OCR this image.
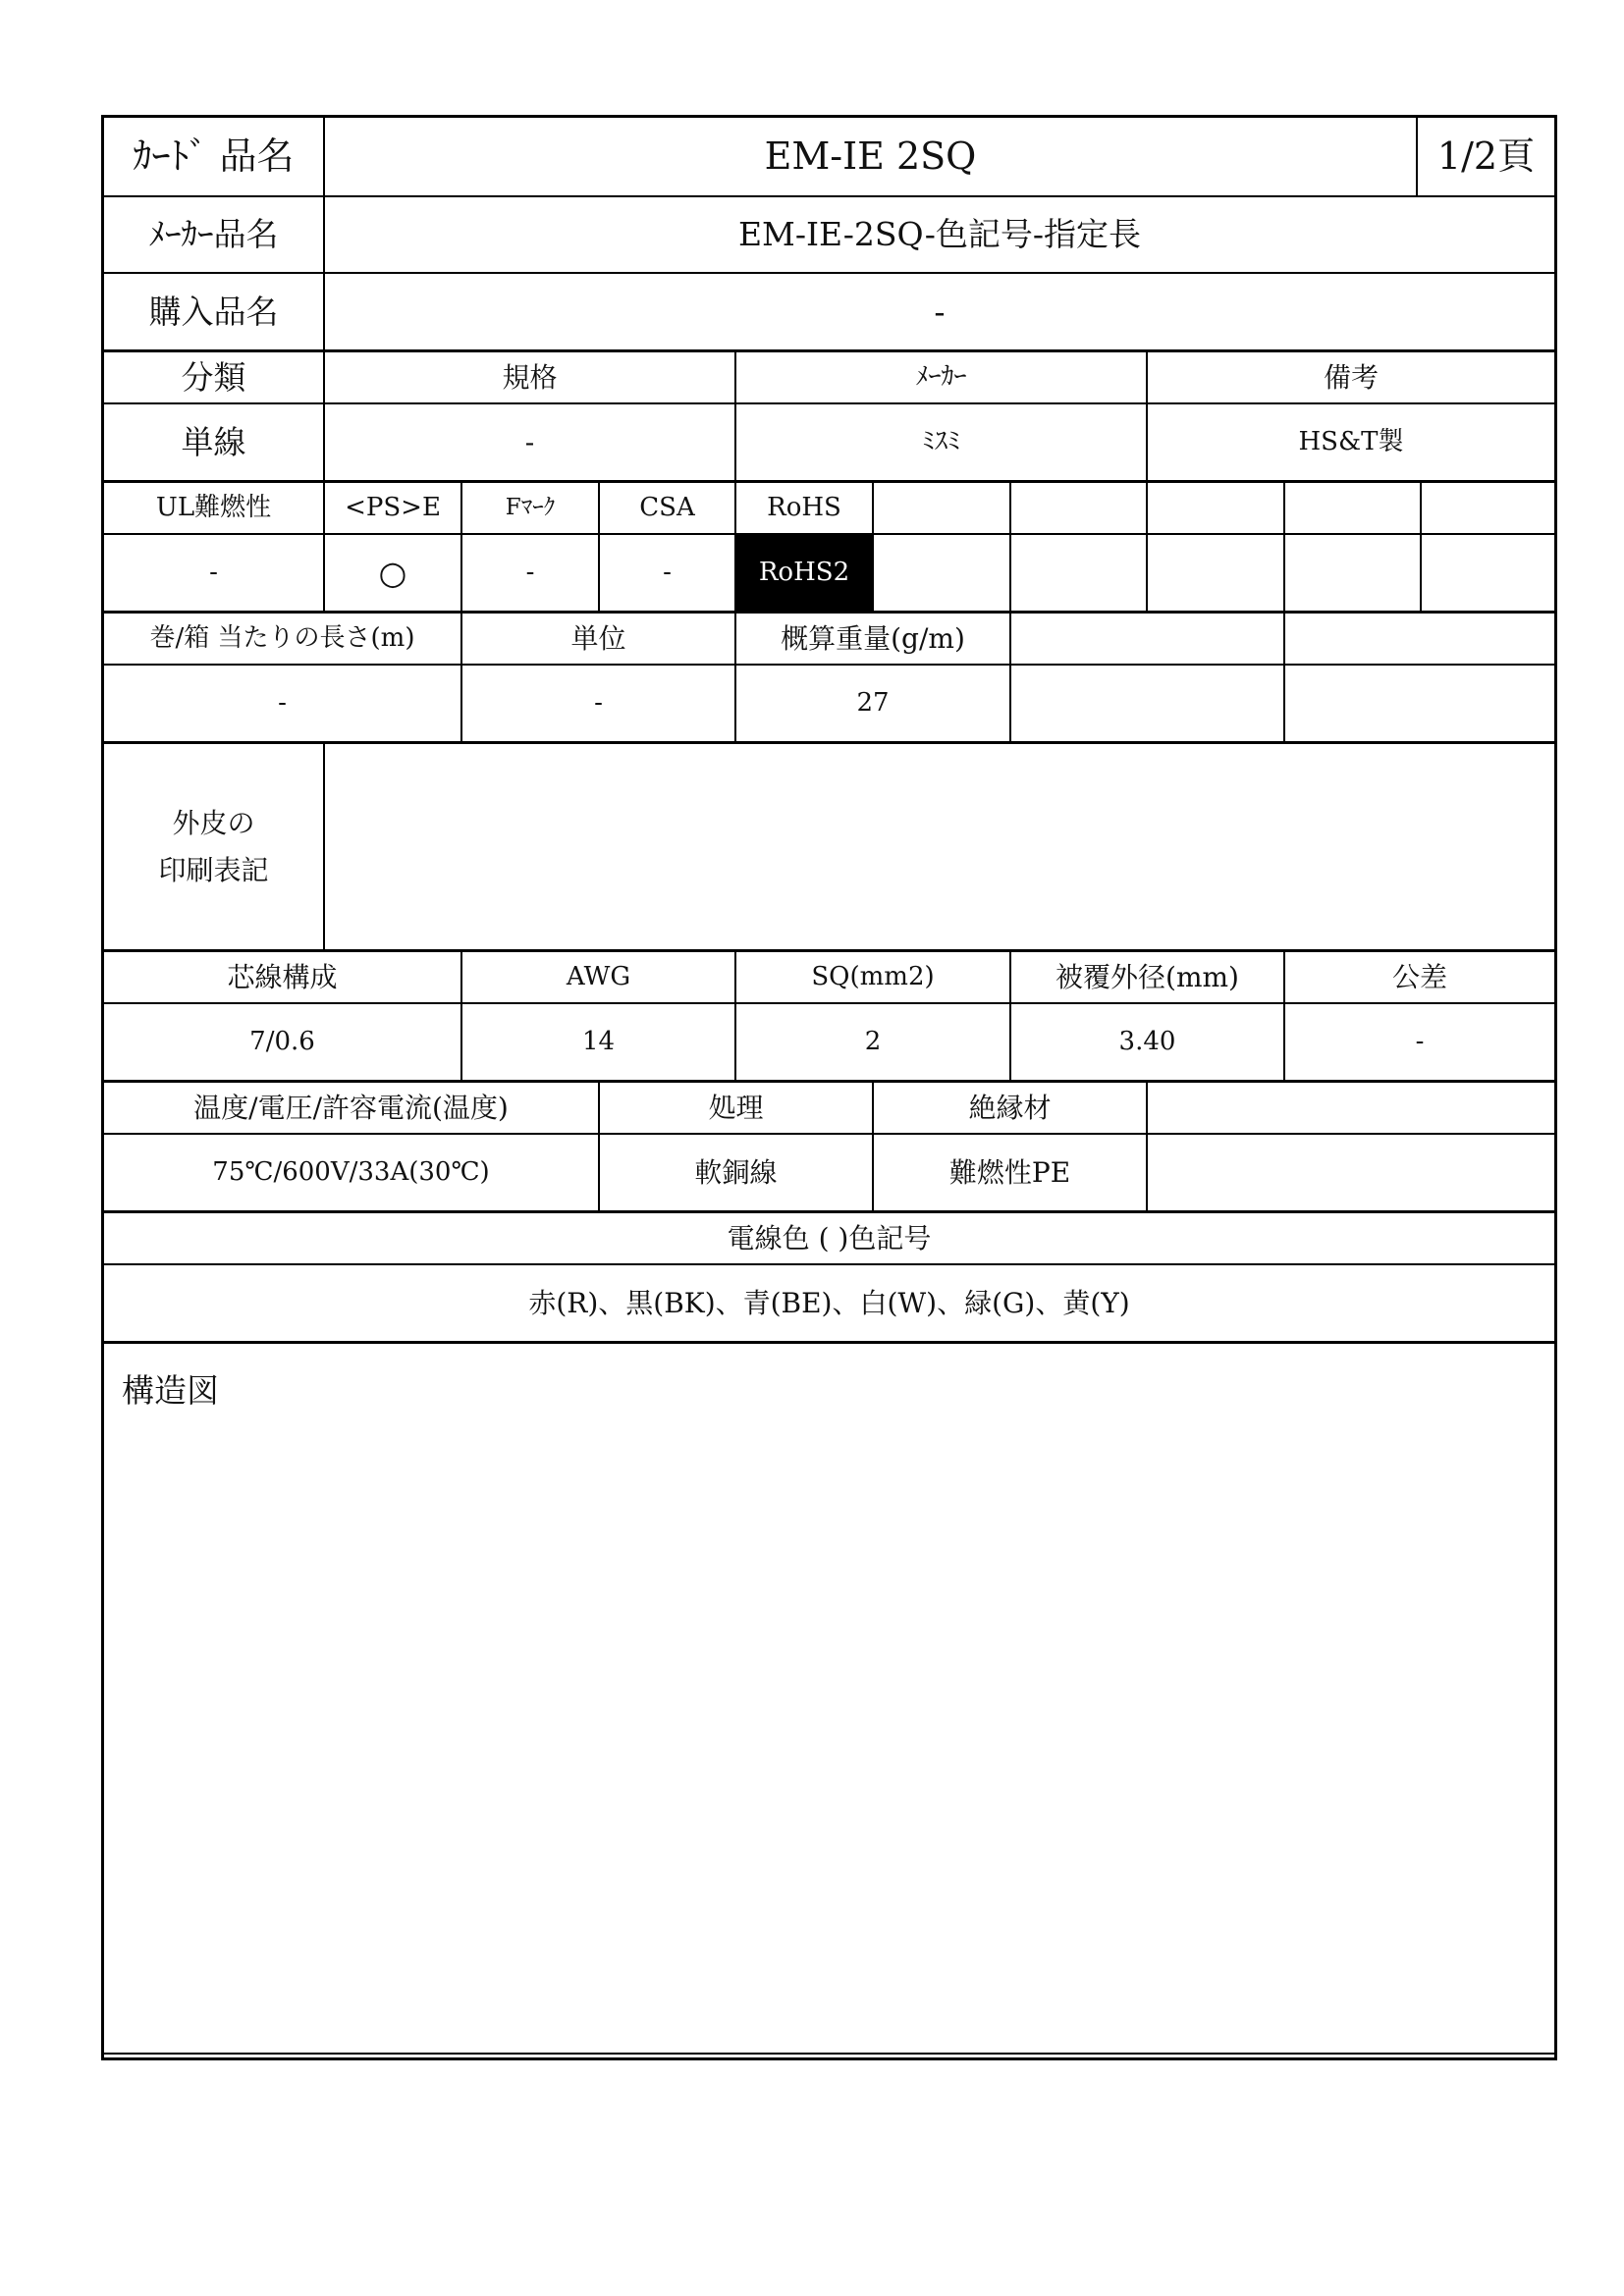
ｶｰﾄﾞ 品名	EM-IE 2SQ	1/2頁
ﾒｰｶｰ品名	EM-IE-2SQ-色記号-指定長
購入品名	-
分類	規格	ﾒｰｶｰ	備考
単線	-	ﾐｽﾐ	HS&T製
UL難燃性	<PS>E	Fﾏｰｸ	CSA	RoHS
-	○	-	-	RoHS2
巻/箱 当たりの長さ(m)	単位	概算重量(g/m)
-	-	27
外皮の
印刷表記
芯線構成	AWG	SQ(mm2)	被覆外径(mm)	公差
7/0.6	14	2	3.40	-
温度/電圧/許容電流(温度)	処理	絶縁材
75℃/600V/33A(30℃)	軟銅線	難燃性PE
電線色 ( )色記号
赤(R)、黒(BK)、青(BE)、白(W)、緑(G)、黄(Y)
構造図
